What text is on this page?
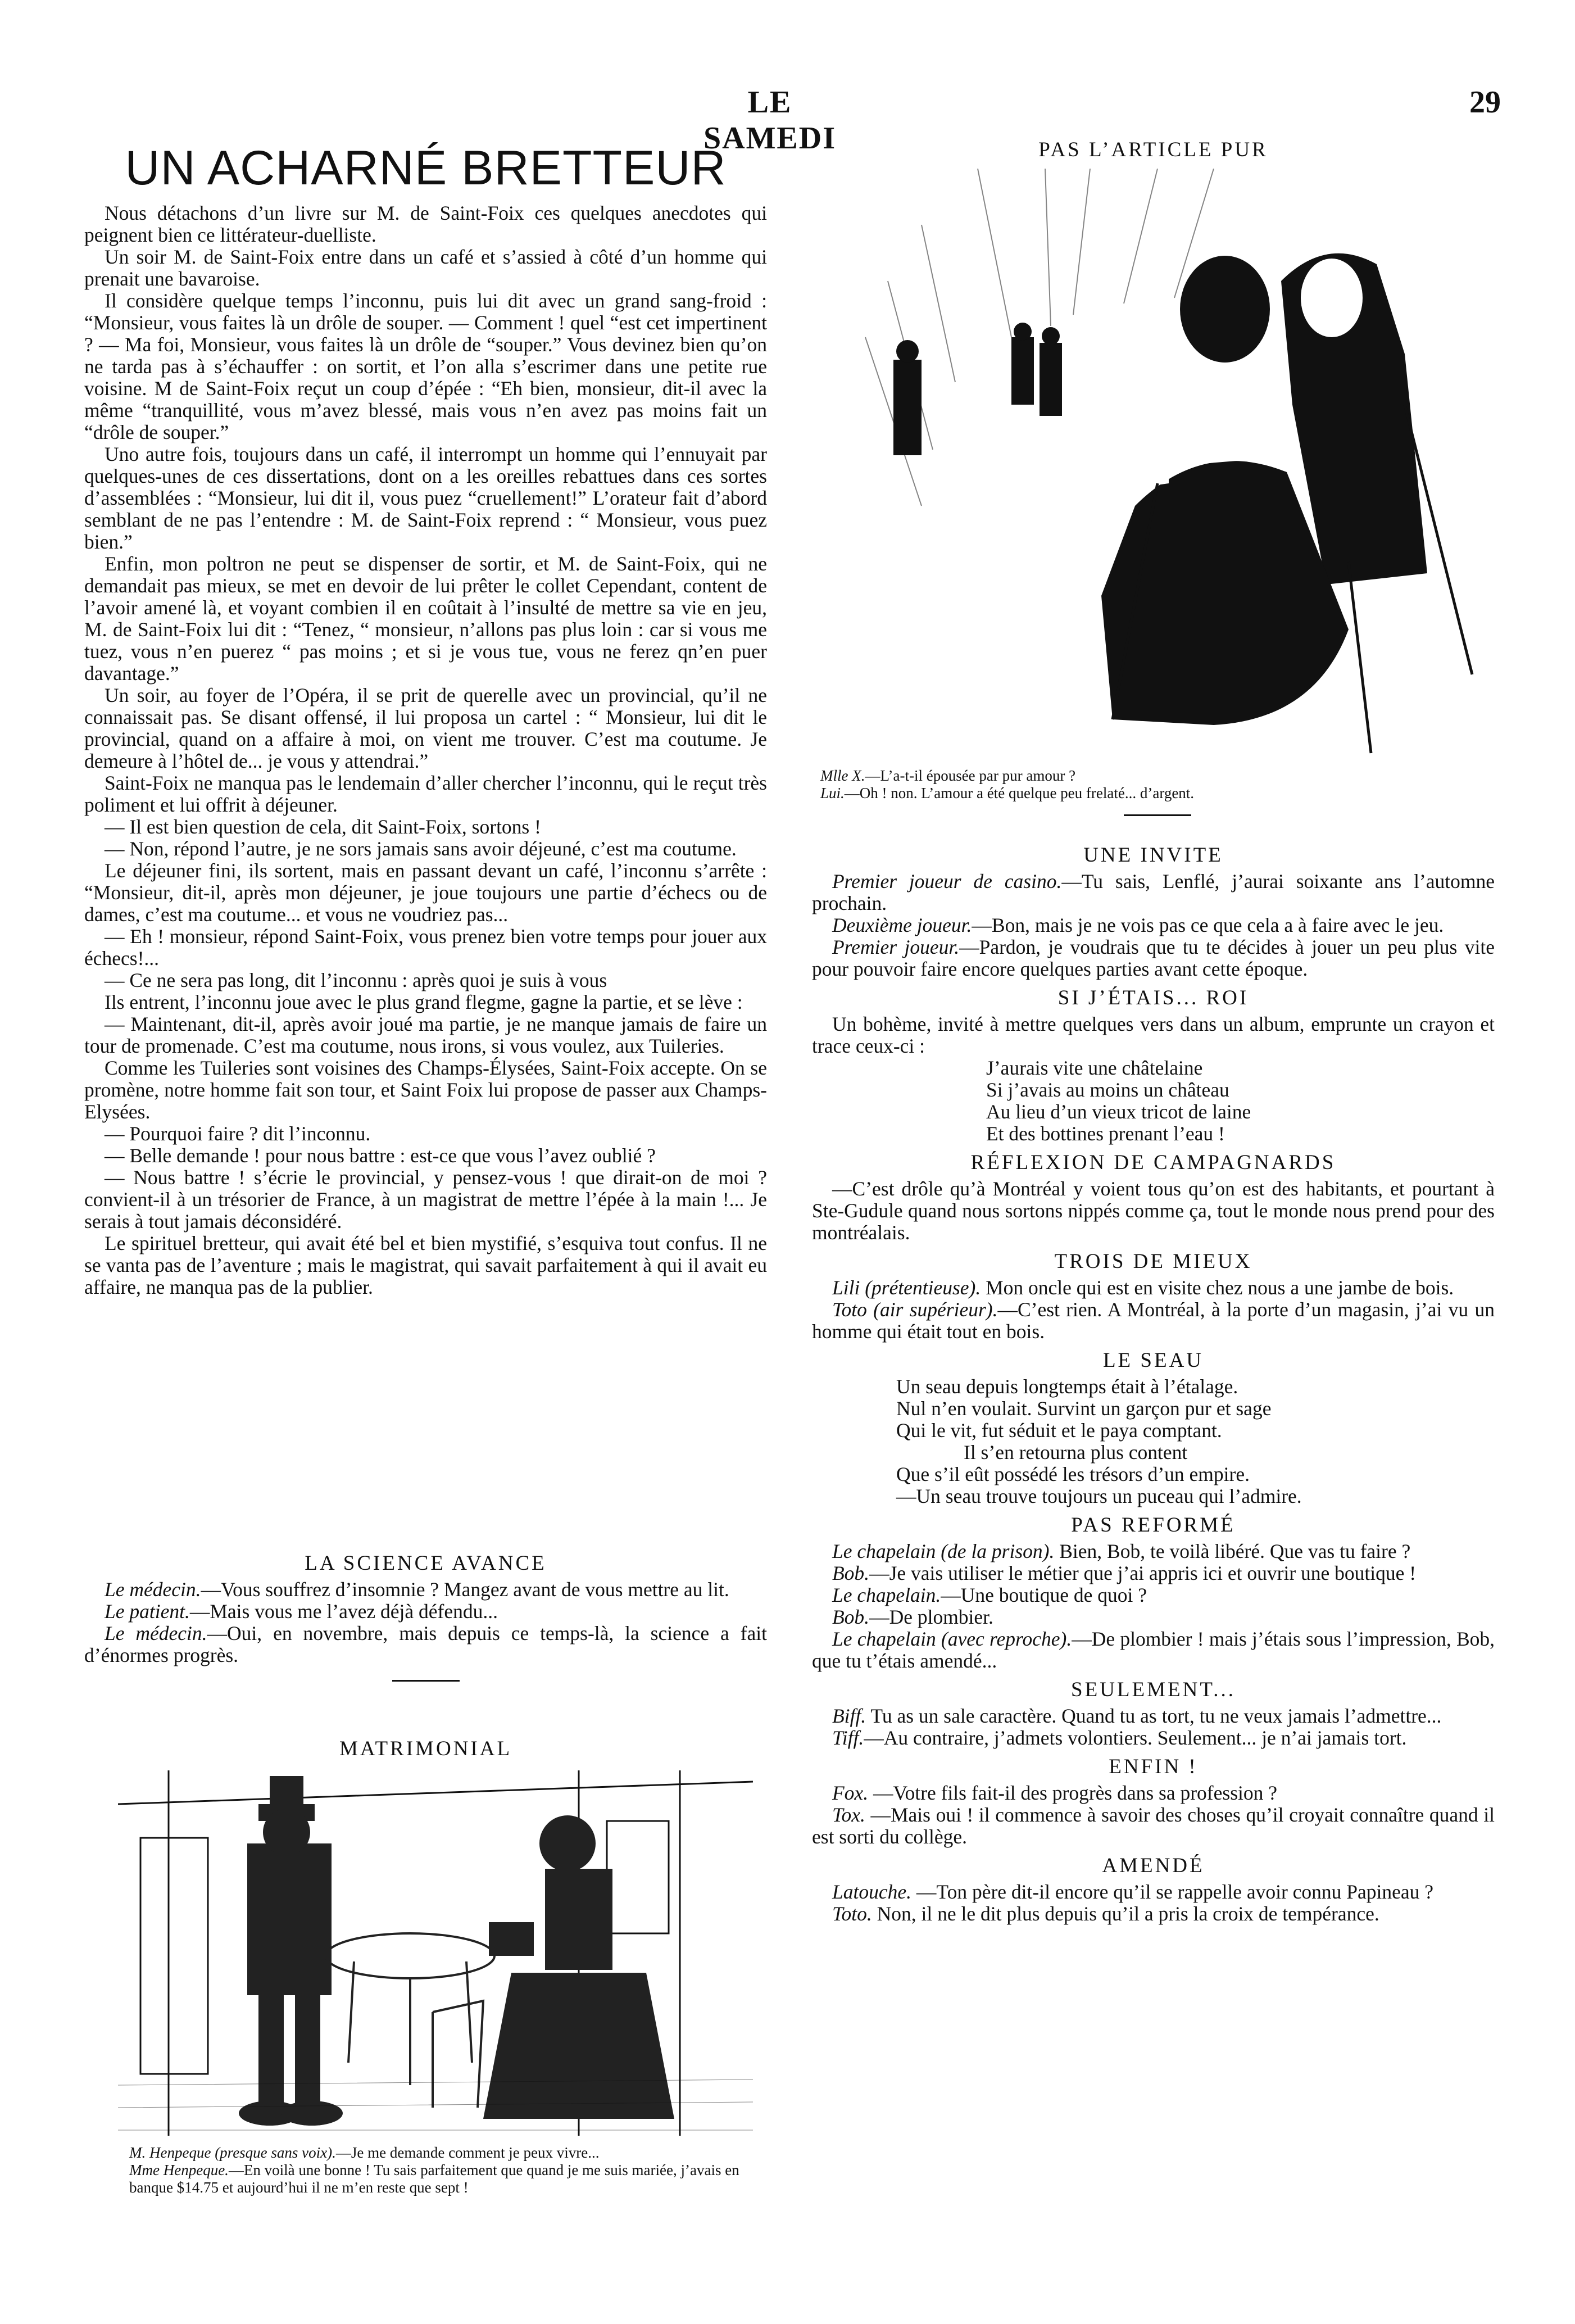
LE SAMEDI
29
UN ACHARNÉ BRETTEUR

Nous détachons d’un livre sur M. de Saint-Foix ces quelques anecdotes qui peignent bien ce littérateur-duelliste.

Un soir M. de Saint-Foix entre dans un café et s’assied à côté d’un homme qui prenait une bavaroise.

Il considère quelque temps l’inconnu, puis lui dit avec un grand sang-froid : “Monsieur, vous faites là un drôle de souper. — Comment ! quel “est cet impertinent ? — Ma foi, Monsieur, vous faites là un drôle de “souper.” Vous devinez bien qu’on ne tarda pas à s’échauffer : on sortit, et l’on alla s’escrimer dans une petite rue voisine. M de Saint-Foix reçut un coup d’épée : “Eh bien, monsieur, dit-il avec la même “tranquillité, vous m’avez blessé, mais vous n’en avez pas moins fait un “drôle de souper.”

Uno autre fois, toujours dans un café, il interrompt un homme qui l’ennuyait par quelques-unes de ces dissertations, dont on a les oreilles rebattues dans ces sortes d’assemblées : “Monsieur, lui dit il, vous puez “cruellement!” L’orateur fait d’abord semblant de ne pas l’entendre : M. de Saint-Foix reprend : “ Monsieur, vous puez bien.”

Enfin, mon poltron ne peut se dispenser de sortir, et M. de Saint-Foix, qui ne demandait pas mieux, se met en devoir de lui prêter le collet Cependant, content de l’avoir amené là, et voyant combien il en coûtait à l’insulté de mettre sa vie en jeu, M. de Saint-Foix lui dit : “Tenez, “ monsieur, n’allons pas plus loin : car si vous me tuez, vous n’en puerez “ pas moins ; et si je vous tue, vous ne ferez qn’en puer davantage.”

Un soir, au foyer de l’Opéra, il se prit de querelle avec un provincial, qu’il ne connaissait pas. Se disant offensé, il lui proposa un cartel : “ Monsieur, lui dit le provincial, quand on a affaire à moi, on vient me trouver. C’est ma coutume. Je demeure à l’hôtel de... je vous y attendrai.”

Saint-Foix ne manqua pas le lendemain d’aller chercher l’inconnu, qui le reçut très poliment et lui offrit à déjeuner.

— Il est bien question de cela, dit Saint-Foix, sortons !

— Non, répond l’autre, je ne sors jamais sans avoir déjeuné, c’est ma coutume.

Le déjeuner fini, ils sortent, mais en passant devant un café, l’inconnu s’arrête : “Monsieur, dit-il, après mon déjeuner, je joue toujours une partie d’échecs ou de dames, c’est ma coutume... et vous ne voudriez pas...

— Eh ! monsieur, répond Saint-Foix, vous prenez bien votre temps pour jouer aux échecs!...

— Ce ne sera pas long, dit l’inconnu : après quoi je suis à vous

Ils entrent, l’inconnu joue avec le plus grand flegme, gagne la partie, et se lève :

— Maintenant, dit-il, après avoir joué ma partie, je ne manque jamais de faire un tour de promenade. C’est ma coutume, nous irons, si vous voulez, aux Tuileries.

Comme les Tuileries sont voisines des Champs-Élysées, Saint-Foix accepte. On se promène, notre homme fait son tour, et Saint Foix lui propose de passer aux Champs-Elysées.

— Pourquoi faire ? dit l’inconnu.

— Belle demande ! pour nous battre : est-ce que vous l’avez oublié ?

— Nous battre ! s’écrie le provincial, y pensez-vous ! que dirait-on de moi ? convient-il à un trésorier de France, à un magistrat de mettre l’épée à la main !... Je serais à tout jamais déconsidéré.

Le spirituel bretteur, qui avait été bel et bien mystifié, s’esquiva tout confus. Il ne se vanta pas de l’aventure ; mais le magistrat, qui savait parfaitement à qui il avait eu affaire, ne manqua pas de la publier.

LA SCIENCE AVANCE

Le médecin.—Vous souffrez d’insomnie ? Mangez avant de vous mettre au lit.

Le patient.—Mais vous me l’avez déjà défendu...

Le médecin.—Oui, en novembre, mais depuis ce temps-là, la science a fait d’énormes progrès.

MATRIMONIAL

M. Henpeque (presque sans voix).—Je me demande comment je peux vivre...

Mme Henpeque.—En voilà une bonne ! Tu sais parfaitement que quand je me suis mariée, j’avais en banque $14.75 et aujourd’hui il ne m’en reste que sept !

PAS L’ARTICLE PUR

Mlle X.—L’a-t-il épousée par pur amour ?

Lui.—Oh ! non. L’amour a été quelque peu frelaté... d’argent.

UNE INVITE

Premier joueur de casino.—Tu sais, Lenflé, j’aurai soixante ans l’automne prochain.

Deuxième joueur.—Bon, mais je ne vois pas ce que cela a à faire avec le jeu.

Premier joueur.—Pardon, je voudrais que tu te décides à jouer un peu plus vite pour pouvoir faire encore quelques parties avant cette époque.

SI J’ÉTAIS... ROI

Un bohème, invité à mettre quelques vers dans un album, emprunte un crayon et trace ceux-ci :

J’aurais vite une châtelaine
Si j’avais au moins un château
Au lieu d’un vieux tricot de laine
Et des bottines prenant l’eau !
RÉFLEXION DE CAMPAGNARDS

—C’est drôle qu’à Montréal y voient tous qu’on est des habitants, et pourtant à Ste-Gudule quand nous sortons nippés comme ça, tout le monde nous prend pour des montréalais.

TROIS DE MIEUX

Lili (prétentieuse). Mon oncle qui est en visite chez nous a une jambe de bois.

Toto (air supérieur).—C’est rien. A Montréal, à la porte d’un magasin, j’ai vu un homme qui était tout en bois.

LE SEAU
Un seau depuis longtemps était à l’étalage.
Nul n’en voulait. Survint un garçon pur et sage
Qui le vit, fut séduit et le paya comptant.
Il s’en retourna plus content
Que s’il eût possédé les trésors d’un empire.
—Un seau trouve toujours un puceau qui l’admire.
PAS REFORMÉ

Le chapelain (de la prison). Bien, Bob, te voilà libéré. Que vas tu faire ?

Bob.—Je vais utiliser le métier que j’ai appris ici et ouvrir une boutique !

Le chapelain.—Une boutique de quoi ?

Bob.—De plombier.

Le chapelain (avec reproche).—De plombier ! mais j’étais sous l’impression, Bob, que tu t’étais amendé...

SEULEMENT...

Biff. Tu as un sale caractère. Quand tu as tort, tu ne veux jamais l’admettre...

Tiff.—Au contraire, j’admets volontiers. Seulement... je n’ai jamais tort.

ENFIN !

Fox. —Votre fils fait-il des progrès dans sa profession ?

Tox. —Mais oui ! il commence à savoir des choses qu’il croyait connaître quand il est sorti du collège.

AMENDÉ

Latouche. —Ton père dit-il encore qu’il se rappelle avoir connu Papineau ?

Toto. Non, il ne le dit plus depuis qu’il a pris la croix de tempérance.
